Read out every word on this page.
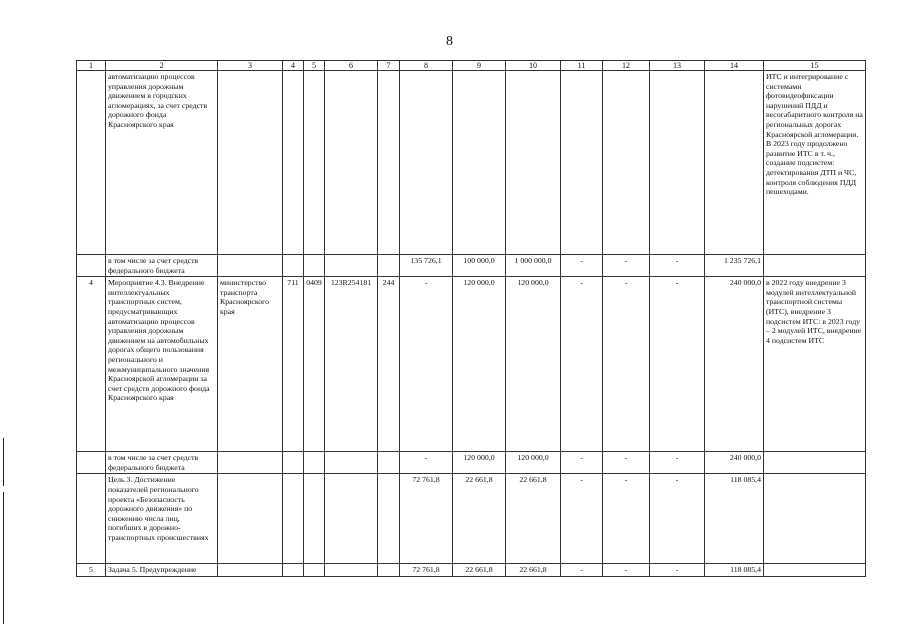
8
1	2	3	4	5	6	7	8	9	10	11	12	13	14	15
	автоматизацию процессов управления дорожным движением в городских агломерациях, за счет средств дорожного фонда Красноярского края													ИТС и интегрирование с системами фотовидеофиксации нарушений ПДД и весогабаритного контроля на региональных дорогах Красноярской агломерации. В 2023 году продолжено развитие ИТС в т. ч., создание подсистем: детектирования ДТП и ЧС, контроля соблюдения ПДД пешеходами.
	в том числе за счет средств федерального бюджета						135 726,1	100 000,0	1 000 000,0	-	-	-	1 235 726,1	
4	Мероприятие 4.3. Внедрение интеллектуальных транспортных систем, предусматривающих автоматизацию процессов управления дорожным движением на автомобильных дорогах общего пользования регионального и межмуниципального значения Красноярской агломерации за счет средств дорожного фонда Красноярского края	министерство транспорта Красноярского края	711	0409	123R254181	244	-	120 000,0	120 000,0	-	-	-	240 000,0	в 2022 году внедрение 3 модулей интеллектуальной транспортной системы (ИТС), внедрение 3 подсистем ИТС: в 2023 году – 2 модулей ИТС, внедрение 4 подсистем ИТС
	в том числе за счет средств федерального бюджета						-	120 000,0	120 000,0	-	-	-	240 000,0	
	Цель 3. Достижение показателей регионального проекта «Безопасность дорожного движения» по снижению числа лиц, погибших в дорожно-транспортных происшествиях						72 761,8	22 661,8	22 661,8	-	-	-	118 085,4	
5	Задача 5. Предупреждение						72 761,8	22 661,8	22 661,8	-	-	-	118 085,4	
